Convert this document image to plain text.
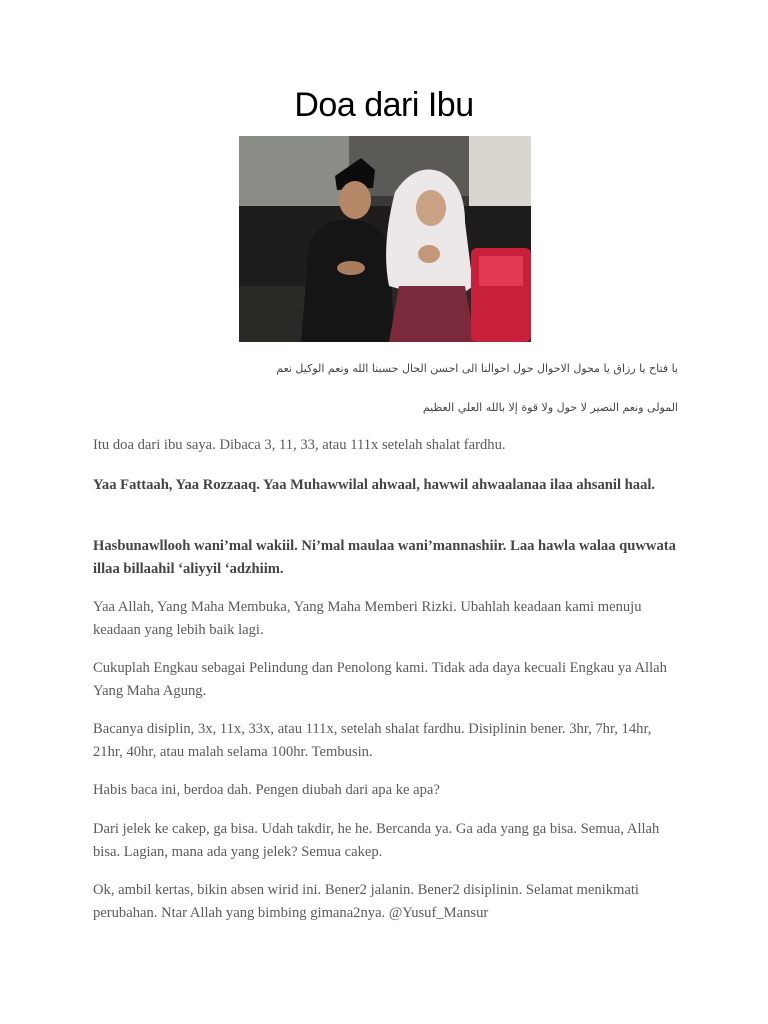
Doa dari Ibu
يا فتاح يا رزاق يا محول الاحوال حول احوالنا الى احسن الحال حسبنا الله ونعم الوكيل نعم
المولى ونعم النصير لا حول ولا قوة إلا بالله العلي العظيم

Itu doa dari ibu saya. Dibaca 3, 11, 33, atau 111x setelah shalat fardhu.

Yaa Fattaah, Yaa Rozzaaq. Yaa Muhawwilal ahwaal, hawwil ahwaalanaa ilaa ahsanil haal.

Hasbunawllooh wani’mal wakiil. Ni’mal maulaa wani’mannashiir. Laa hawla walaa quwwata illaa billaahil ‘aliyyil ‘adzhiim.

Yaa Allah, Yang Maha Membuka, Yang Maha Memberi Rizki. Ubahlah keadaan kami menuju keadaan yang lebih baik lagi.

Cukuplah Engkau sebagai Pelindung dan Penolong kami. Tidak ada daya kecuali Engkau ya Allah Yang Maha Agung.

Bacanya disiplin, 3x, 11x, 33x, atau 111x, setelah shalat fardhu. Disiplinin bener. 3hr, 7hr, 14hr, 21hr, 40hr, atau malah selama 100hr. Tembusin.

Habis baca ini, berdoa dah. Pengen diubah dari apa ke apa?

Dari jelek ke cakep, ga bisa. Udah takdir, he he. Bercanda ya. Ga ada yang ga bisa. Semua, Allah bisa. Lagian, mana ada yang jelek? Semua cakep.

Ok, ambil kertas, bikin absen wirid ini. Bener2 jalanin. Bener2 disiplinin. Selamat menikmati perubahan. Ntar Allah yang bimbing gimana2nya. @Yusuf_Mansur
